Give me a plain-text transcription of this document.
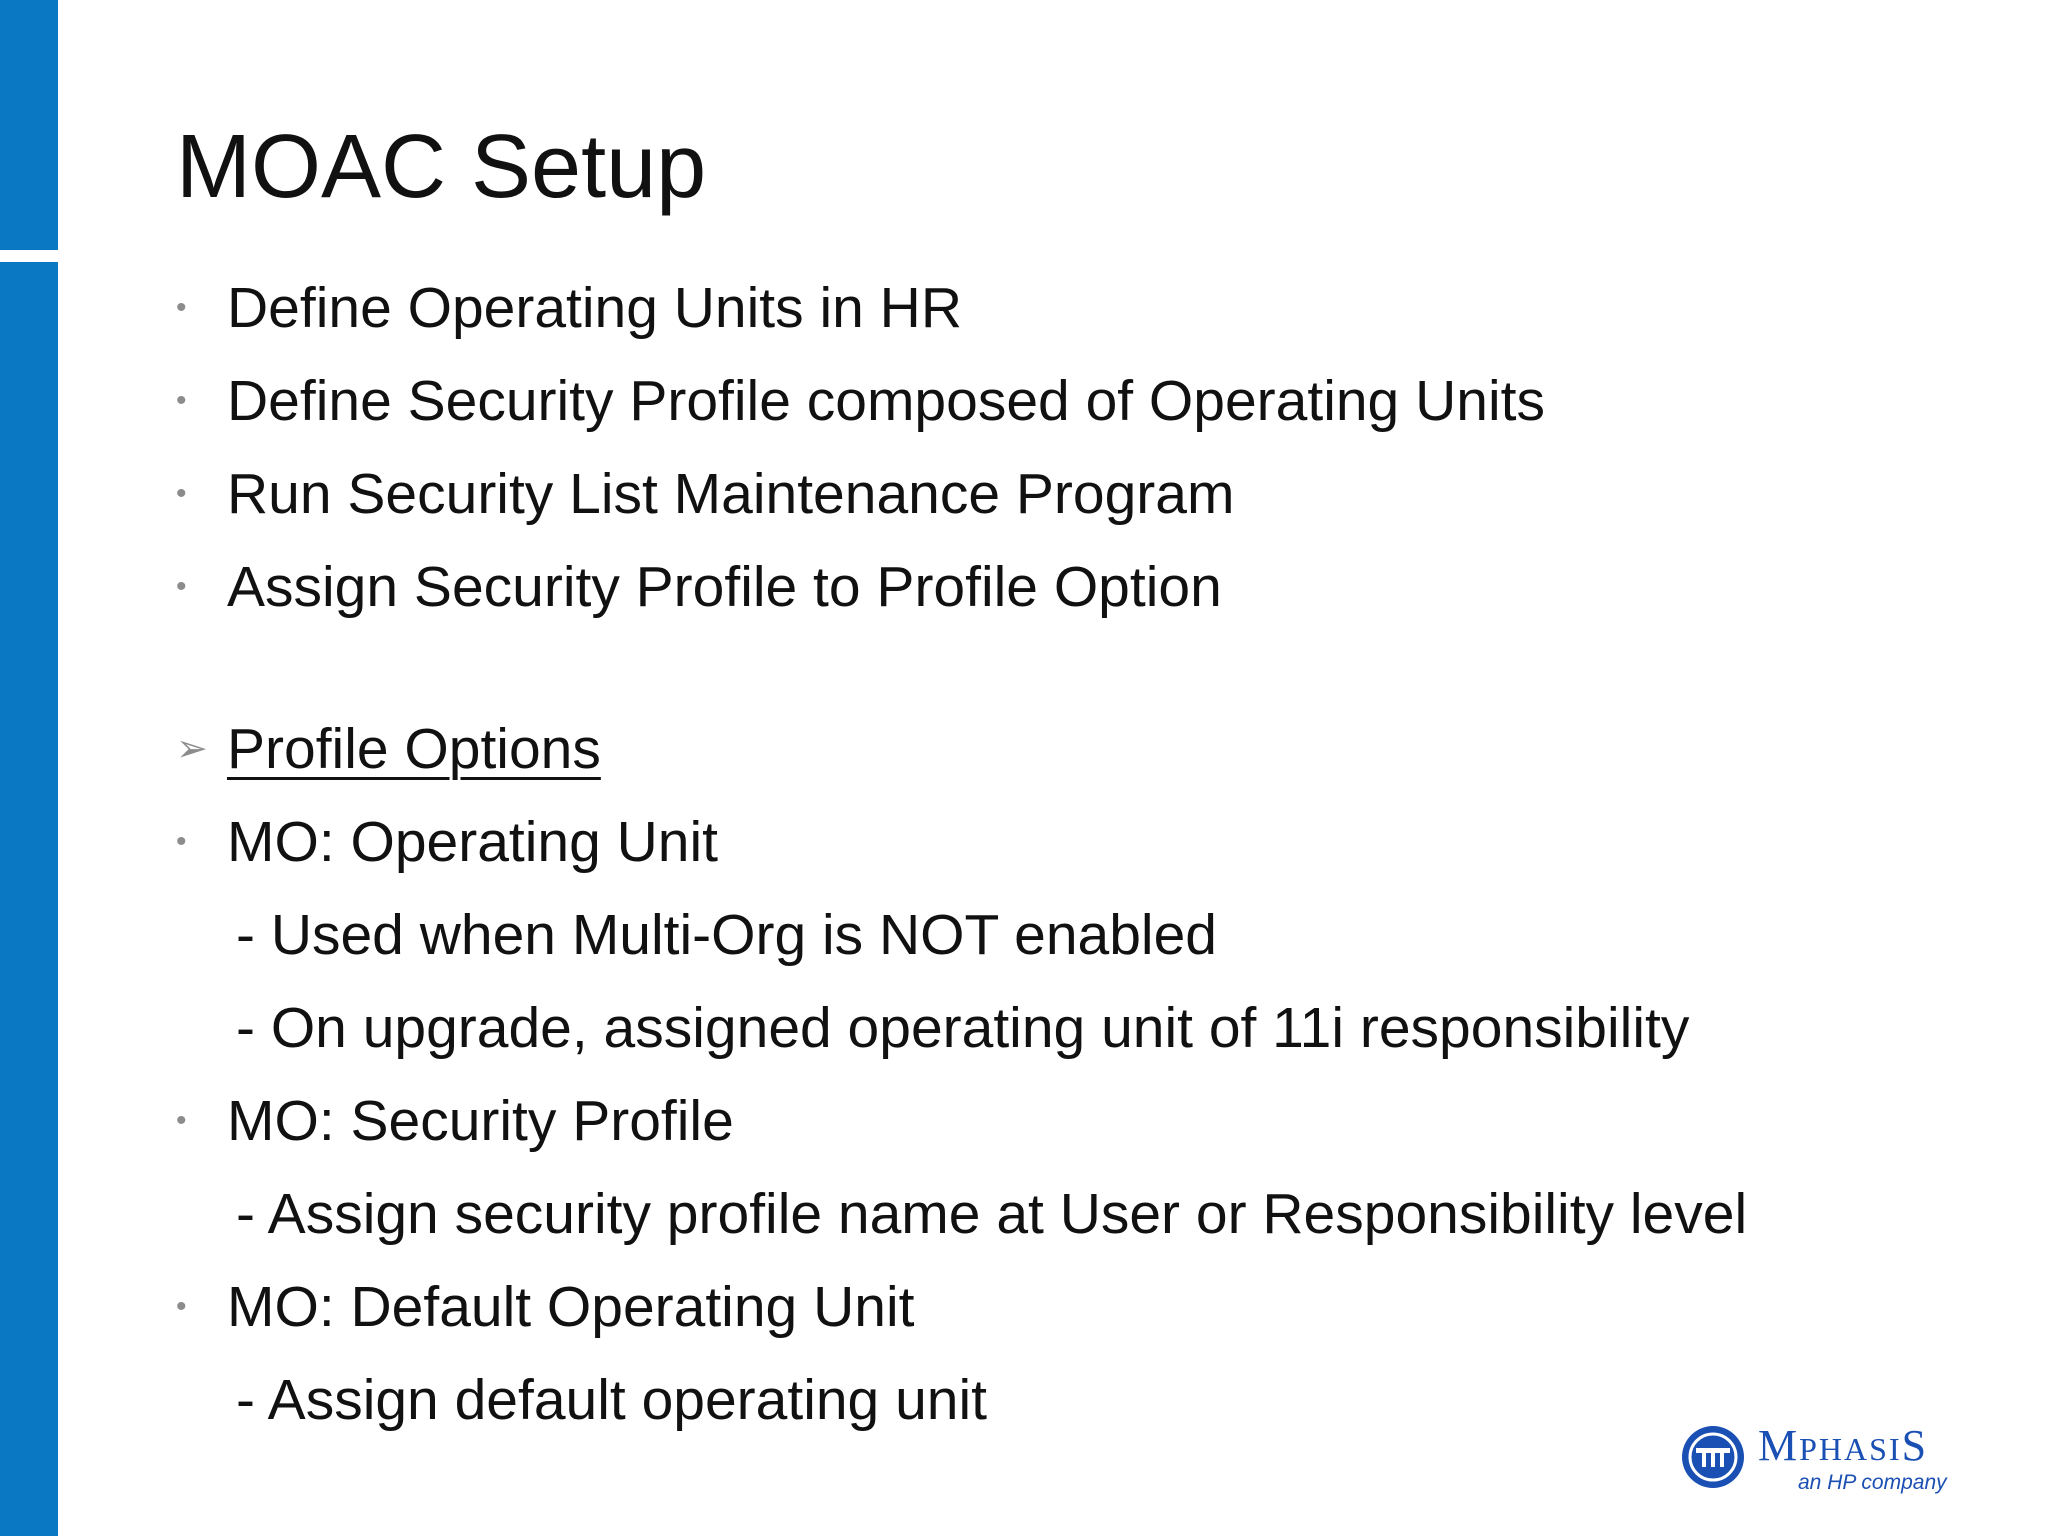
MOAC Setup
• Define Operating Units in HR
• Define Security Profile composed of Operating Units
• Run Security List Maintenance Program
• Assign Security Profile to Profile Option
➢ Profile Options
• MO: Operating Unit
- Used when Multi-Org is NOT enabled
- On upgrade, assigned operating unit of 11i responsibility
• MO: Security Profile
- Assign security profile name at User or Responsibility level
• MO: Default Operating Unit
- Assign default operating unit
MPHASIS
an HP company
